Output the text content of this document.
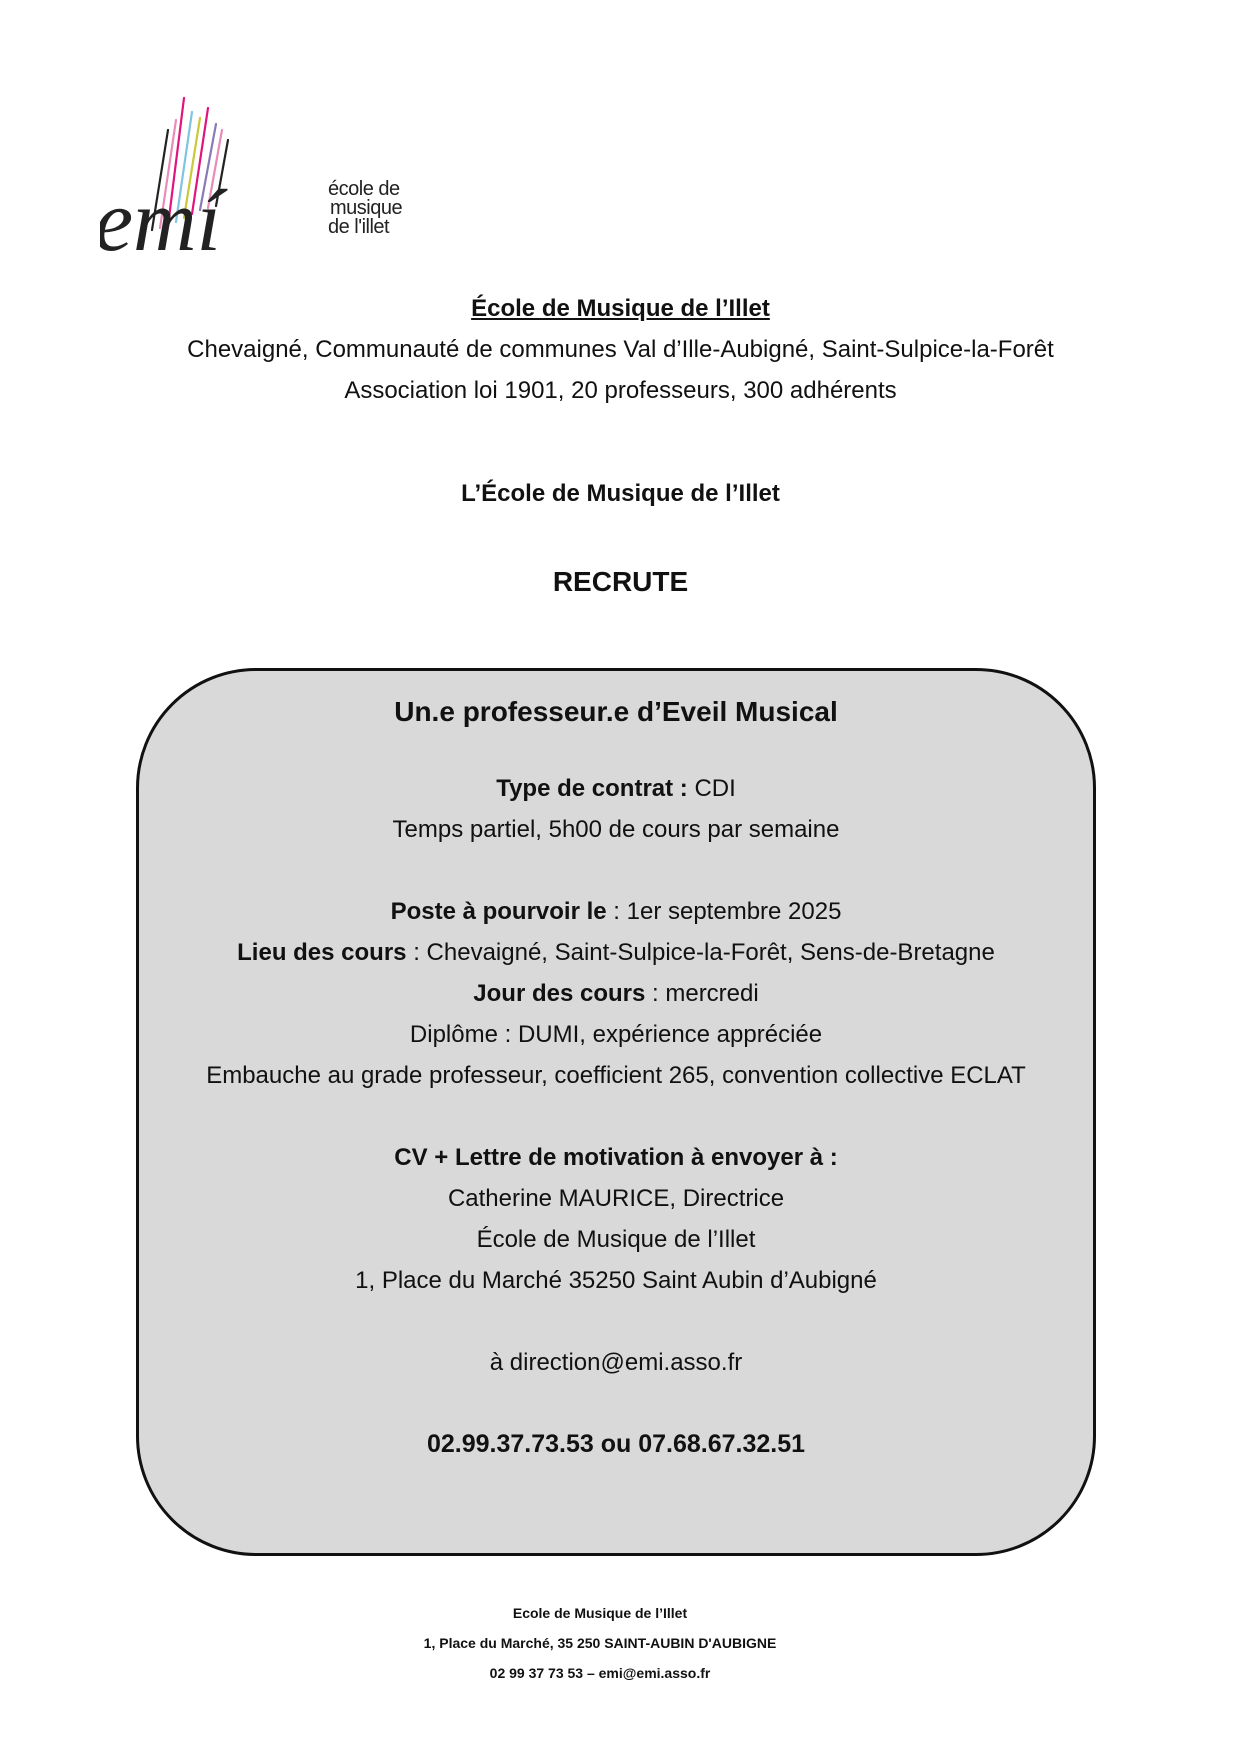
emí	école de
musique
de l'illet
École de Musique de l’Illet
Chevaigné, Communauté de communes Val d’Ille-Aubigné, Saint-Sulpice-la-Forêt
Association loi 1901, 20 professeurs, 300 adhérents
L’École de Musique de l’Illet
RECRUTE
Un.e professeur.e d’Eveil Musical
Type de contrat : CDI
Temps partiel, 5h00 de cours par semaine
Poste à pourvoir le : 1er septembre 2025
Lieu des cours : Chevaigné, Saint-Sulpice-la-Forêt, Sens-de-Bretagne
Jour des cours : mercredi
Diplôme : DUMI, expérience appréciée
Embauche au grade professeur, coefficient 265, convention collective ECLAT
CV + Lettre de motivation à envoyer à :
Catherine MAURICE, Directrice
École de Musique de l’Illet
1, Place du Marché 35250 Saint Aubin d’Aubigné
à direction@emi.asso.fr
02.99.37.73.53 ou 07.68.67.32.51
Ecole de Musique de l’Illet
1, Place du Marché, 35 250 SAINT-AUBIN D'AUBIGNE
02 99 37 73 53 – emi@emi.asso.fr
